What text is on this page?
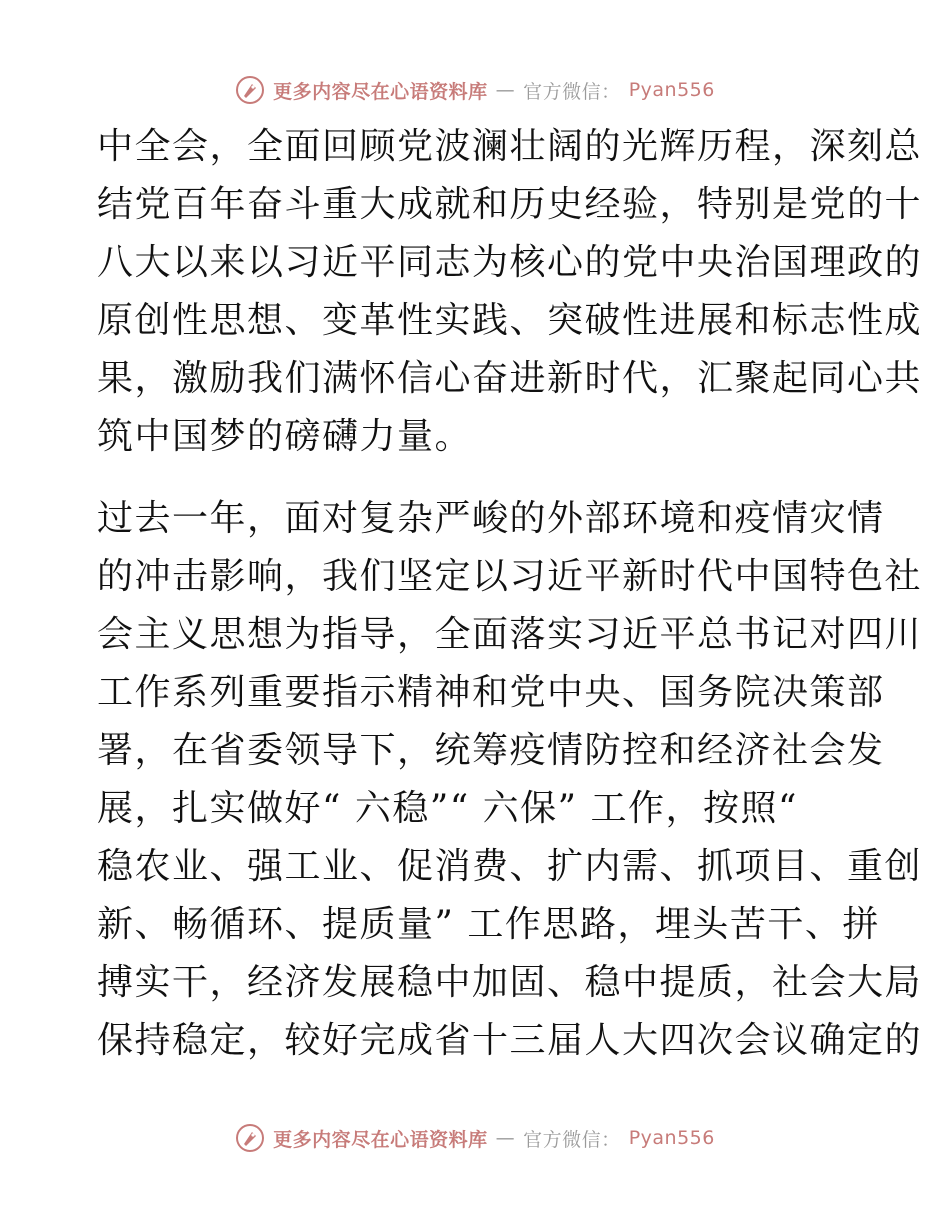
更多内容尽在心语资料库 — 官方微信： Pyan556
中全会，全面回顾党波澜壮阔的光辉历程，深刻总
结党百年奋斗重大成就和历史经验，特别是党的十
八大以来以习近平同志为核心的党中央治国理政的
原创性思想、变革性实践、突破性进展和标志性成
果，激励我们满怀信心奋进新时代，汇聚起同心共
筑中国梦的磅礴力量。
过去一年，面对复杂严峻的外部环境和疫情灾情
的冲击影响，我们坚定以习近平新时代中国特色社
会主义思想为指导，全面落实习近平总书记对四川
工作系列重要指示精神和党中央、国务院决策部
署，在省委领导下，统筹疫情防控和经济社会发
展，扎实做好“ 六稳”“ 六保” 工作，按照“
稳农业、强工业、促消费、扩内需、抓项目、重创
新、畅循环、提质量” 工作思路，埋头苦干、拼
搏实干，经济发展稳中加固、稳中提质，社会大局
保持稳定，较好完成省十三届人大四次会议确定的
更多内容尽在心语资料库 — 官方微信： Pyan556
